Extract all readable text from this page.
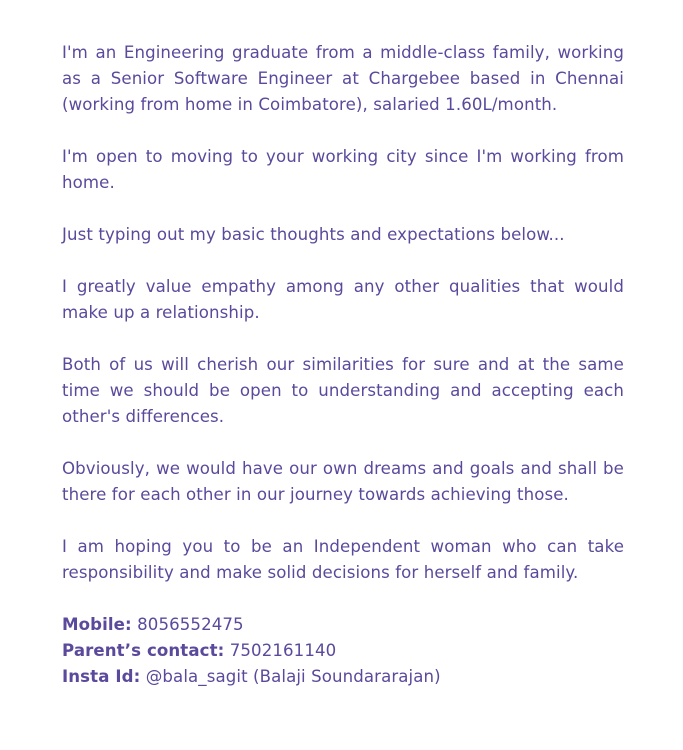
I'm an Engineering graduate from a middle-class family, working as a Senior Software Engineer at Chargebee based in Chennai (working from home in Coimbatore), salaried 1.60L/month.

I'm open to moving to your working city since I'm working from home.

Just typing out my basic thoughts and expectations below...

I greatly value empathy among any other qualities that would make up a relationship.

Both of us will cherish our similarities for sure and at the same time we should be open to understanding and accepting each other's differences.

Obviously, we would have our own dreams and goals and shall be there for each other in our journey towards achieving those.

I am hoping you to be an Independent woman who can take responsibility and make solid decisions for herself and family.

Mobile: 8056552475
Parent’s contact: 7502161140
Insta Id: @bala_sagit (Balaji Soundararajan)
